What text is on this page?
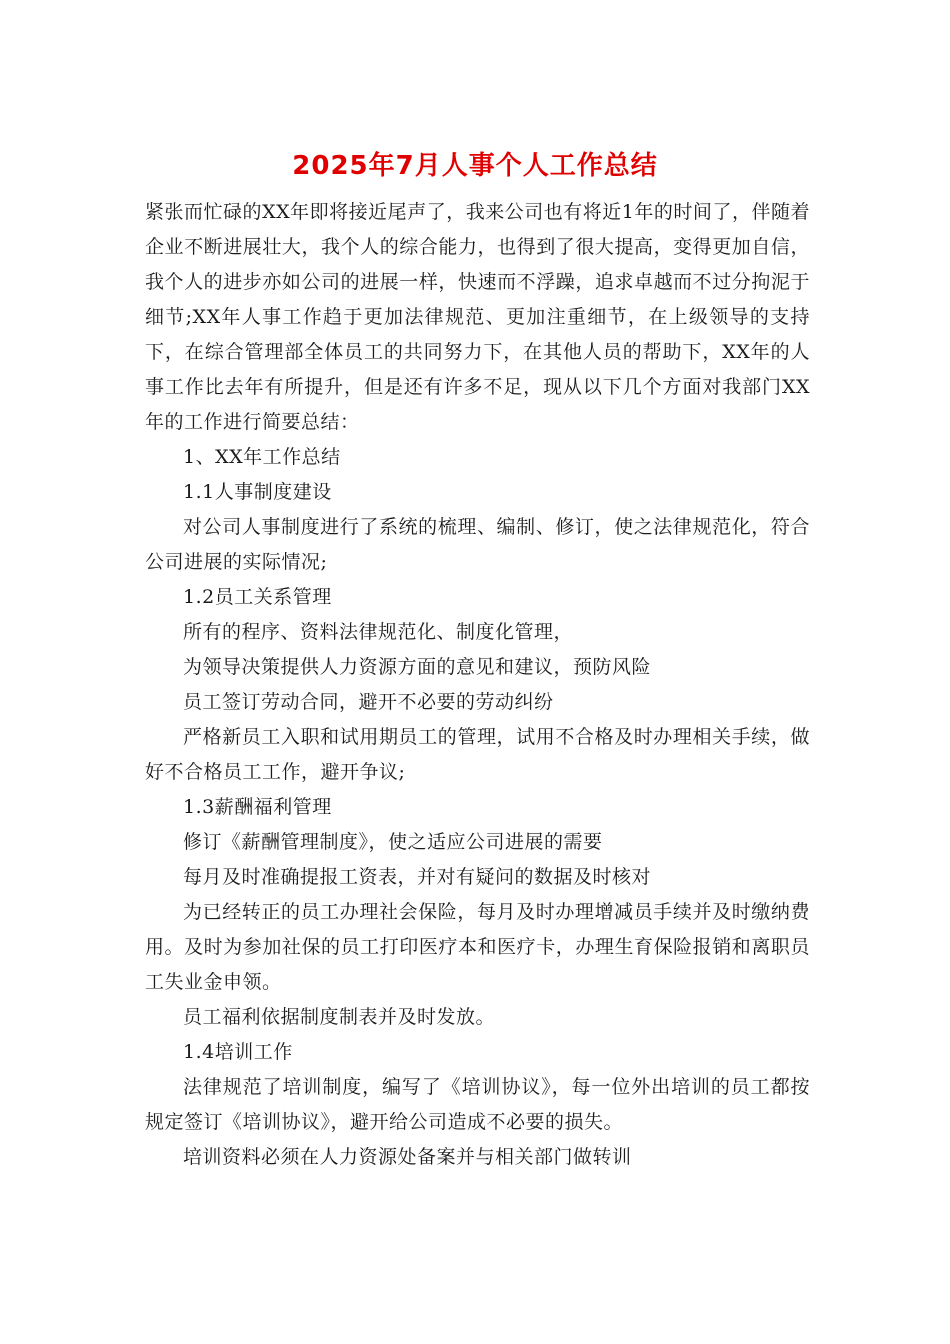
2025年7月人事个人工作总结

紧张而忙碌的XX年即将接近尾声了，我来公司也有将近1年的时间了，伴随着企业不断进展壮大，我个人的综合能力，也得到了很大提高，变得更加自信，我个人的进步亦如公司的进展一样，快速而不浮躁，追求卓越而不过分拘泥于细节;XX年人事工作趋于更加法律规范、更加注重细节，在上级领导的支持下，在综合管理部全体员工的共同努力下，在其他人员的帮助下，XX年的人事工作比去年有所提升，但是还有许多不足，现从以下几个方面对我部门XX年的工作进行简要总结：

1、XX年工作总结

1.1人事制度建设

对公司人事制度进行了系统的梳理、编制、修订，使之法律规范化，符合公司进展的实际情况;

1.2员工关系管理

所有的程序、资料法律规范化、制度化管理，

为领导决策提供人力资源方面的意见和建议，预防风险

员工签订劳动合同，避开不必要的劳动纠纷

严格新员工入职和试用期员工的管理，试用不合格及时办理相关手续，做好不合格员工工作，避开争议;

1.3薪酬福利管理

修订《薪酬管理制度》，使之适应公司进展的需要

每月及时准确提报工资表，并对有疑问的数据及时核对

为已经转正的员工办理社会保险，每月及时办理增减员手续并及时缴纳费用。及时为参加社保的员工打印医疗本和医疗卡，办理生育保险报销和离职员工失业金申领。

员工福利依据制度制表并及时发放。

1.4培训工作

法律规范了培训制度，编写了《培训协议》，每一位外出培训的员工都按规定签订《培训协议》，避开给公司造成不必要的损失。

培训资料必须在人力资源处备案并与相关部门做转训
